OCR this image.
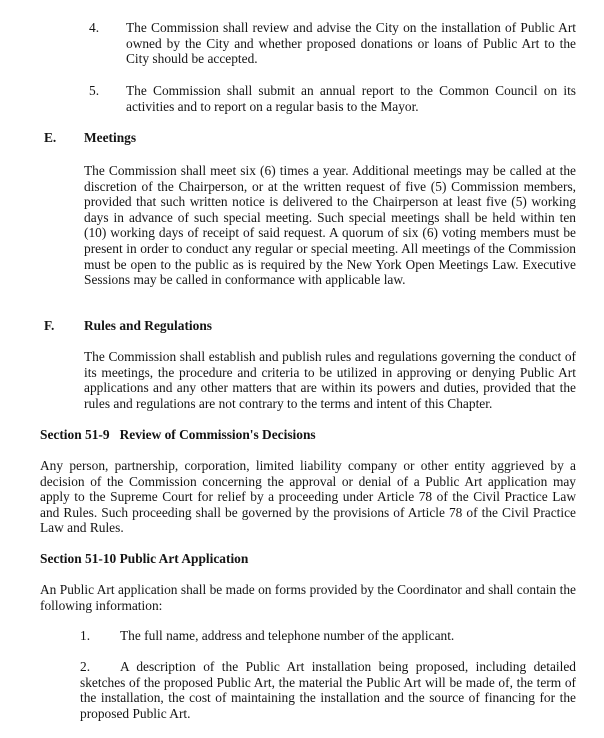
4. The Commission shall review and advise the City on the installation of Public Art owned by the City and whether proposed donations or loans of Public Art to the City should be accepted.

5. The Commission shall submit an annual report to the Common Council on its activities and to report on a regular basis to the Mayor.

E. Meetings

The Commission shall meet six (6) times a year. Additional meetings may be called at the discretion of the Chairperson, or at the written request of five (5) Commission members, provided that such written notice is delivered to the Chairperson at least five (5) working days in advance of such special meeting. Such special meetings shall be held within ten (10) working days of receipt of said request. A quorum of six (6) voting members must be present in order to conduct any regular or special meeting. All meetings of the Commission must be open to the public as is required by the New York Open Meetings Law. Executive Sessions may be called in conformance with applicable law.

F. Rules and Regulations

The Commission shall establish and publish rules and regulations governing the conduct of its meetings, the procedure and criteria to be utilized in approving or denying Public Art applications and any other matters that are within its powers and duties, provided that the rules and regulations are not contrary to the terms and intent of this Chapter.

Section 51-9   Review of Commission's Decisions

Any person, partnership, corporation, limited liability company or other entity aggrieved by a decision of the Commission concerning the approval or denial of a Public Art application may apply to the Supreme Court for relief by a proceeding under Article 78 of the Civil Practice Law and Rules. Such proceeding shall be governed by the provisions of Article 78 of the Civil Practice Law and Rules.

Section 51-10 Public Art Application

An Public Art application shall be made on forms provided by the Coordinator and shall contain the following information:

1. The full name, address and telephone number of the applicant.

2.	A description of the Public Art installation being proposed, including detailed sketches of the proposed Public Art, the material the Public Art will be made of, the term of the installation, the cost of maintaining the installation and the source of financing for the proposed Public Art.
